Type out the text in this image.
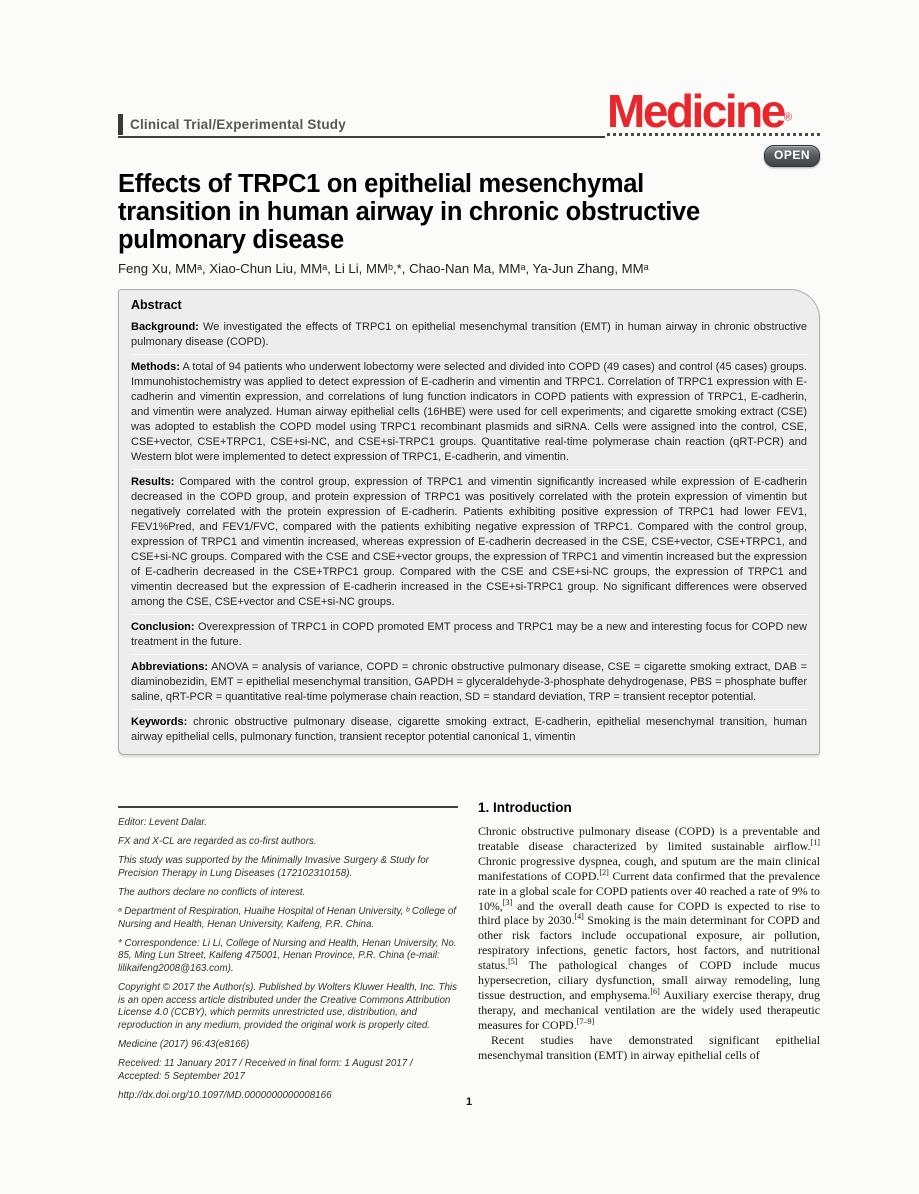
Clinical Trial/Experimental Study	Medicine®
OPEN
Effects of TRPC1 on epithelial mesenchymal
transition in human airway in chronic obstructive
pulmonary disease
Feng Xu, MMᵃ, Xiao-Chun Liu, MMᵃ, Li Li, MMᵇ,*, Chao-Nan Ma, MMᵃ, Ya-Jun Zhang, MMᵃ
Abstract

Background: We investigated the effects of TRPC1 on epithelial mesenchymal transition (EMT) in human airway in chronic obstructive pulmonary disease (COPD).

Methods: A total of 94 patients who underwent lobectomy were selected and divided into COPD (49 cases) and control (45 cases) groups. Immunohistochemistry was applied to detect expression of E-cadherin and vimentin and TRPC1. Correlation of TRPC1 expression with E-cadherin and vimentin expression, and correlations of lung function indicators in COPD patients with expression of TRPC1, E-cadherin, and vimentin were analyzed. Human airway epithelial cells (16HBE) were used for cell experiments; and cigarette smoking extract (CSE) was adopted to establish the COPD model using TRPC1 recombinant plasmids and siRNA. Cells were assigned into the control, CSE, CSE+vector, CSE+TRPC1, CSE+si-NC, and CSE+si-TRPC1 groups. Quantitative real-time polymerase chain reaction (qRT-PCR) and Western blot were implemented to detect expression of TRPC1, E-cadherin, and vimentin.

Results: Compared with the control group, expression of TRPC1 and vimentin significantly increased while expression of E-cadherin decreased in the COPD group, and protein expression of TRPC1 was positively correlated with the protein expression of vimentin but negatively correlated with the protein expression of E-cadherin. Patients exhibiting positive expression of TRPC1 had lower FEV1, FEV1%Pred, and FEV1/FVC, compared with the patients exhibiting negative expression of TRPC1. Compared with the control group, expression of TRPC1 and vimentin increased, whereas expression of E-cadherin decreased in the CSE, CSE+vector, CSE+TRPC1, and CSE+si-NC groups. Compared with the CSE and CSE+vector groups, the expression of TRPC1 and vimentin increased but the expression of E-cadherin decreased in the CSE+TRPC1 group. Compared with the CSE and CSE+si-NC groups, the expression of TRPC1 and vimentin decreased but the expression of E-cadherin increased in the CSE+si-TRPC1 group. No significant differences were observed among the CSE, CSE+vector and CSE+si-NC groups.

Conclusion: Overexpression of TRPC1 in COPD promoted EMT process and TRPC1 may be a new and interesting focus for COPD new treatment in the future.

Abbreviations: ANOVA = analysis of variance, COPD = chronic obstructive pulmonary disease, CSE = cigarette smoking extract, DAB = diaminobezidin, EMT = epithelial mesenchymal transition, GAPDH = glyceraldehyde-3-phosphate dehydrogenase, PBS = phosphate buffer saline, qRT-PCR = quantitative real-time polymerase chain reaction, SD = standard deviation, TRP = transient receptor potential.

Keywords: chronic obstructive pulmonary disease, cigarette smoking extract, E-cadherin, epithelial mesenchymal transition, human airway epithelial cells, pulmonary function, transient receptor potential canonical 1, vimentin

Editor: Levent Dalar.

FX and X-CL are regarded as co-first authors.

This study was supported by the Minimally Invasive Surgery & Study for Precision Therapy in Lung Diseases (172102310158).

The authors declare no conflicts of interest.

ᵃ Department of Respiration, Huaihe Hospital of Henan University, ᵇ College of Nursing and Health, Henan University, Kaifeng, P.R. China.

* Correspondence: Li Li, College of Nursing and Health, Henan University, No. 85, Ming Lun Street, Kaifeng 475001, Henan Province, P.R. China (e-mail: lilikaifeng2008@163.com).

Copyright © 2017 the Author(s). Published by Wolters Kluwer Health, Inc. This is an open access article distributed under the Creative Commons Attribution License 4.0 (CCBY), which permits unrestricted use, distribution, and reproduction in any medium, provided the original work is properly cited.

Medicine (2017) 96:43(e8166)

Received: 11 January 2017 / Received in final form: 1 August 2017 / Accepted: 5 September 2017

http://dx.doi.org/10.1097/MD.0000000000008166

1. Introduction

Chronic obstructive pulmonary disease (COPD) is a preventable and treatable disease characterized by limited sustainable airflow.[1] Chronic progressive dyspnea, cough, and sputum are the main clinical manifestations of COPD.[2] Current data confirmed that the prevalence rate in a global scale for COPD patients over 40 reached a rate of 9% to 10%,[3] and the overall death cause for COPD is expected to rise to third place by 2030.[4] Smoking is the main determinant for COPD and other risk factors include occupational exposure, air pollution, respiratory infections, genetic factors, host factors, and nutritional status.[5] The pathological changes of COPD include mucus hypersecretion, ciliary dysfunction, small airway remodeling, lung tissue destruction, and emphysema.[6] Auxiliary exercise therapy, drug therapy, and mechanical ventilation are the widely used therapeutic measures for COPD.[7–9]

Recent studies have demonstrated significant epithelial mesenchymal transition (EMT) in airway epithelial cells of

1
